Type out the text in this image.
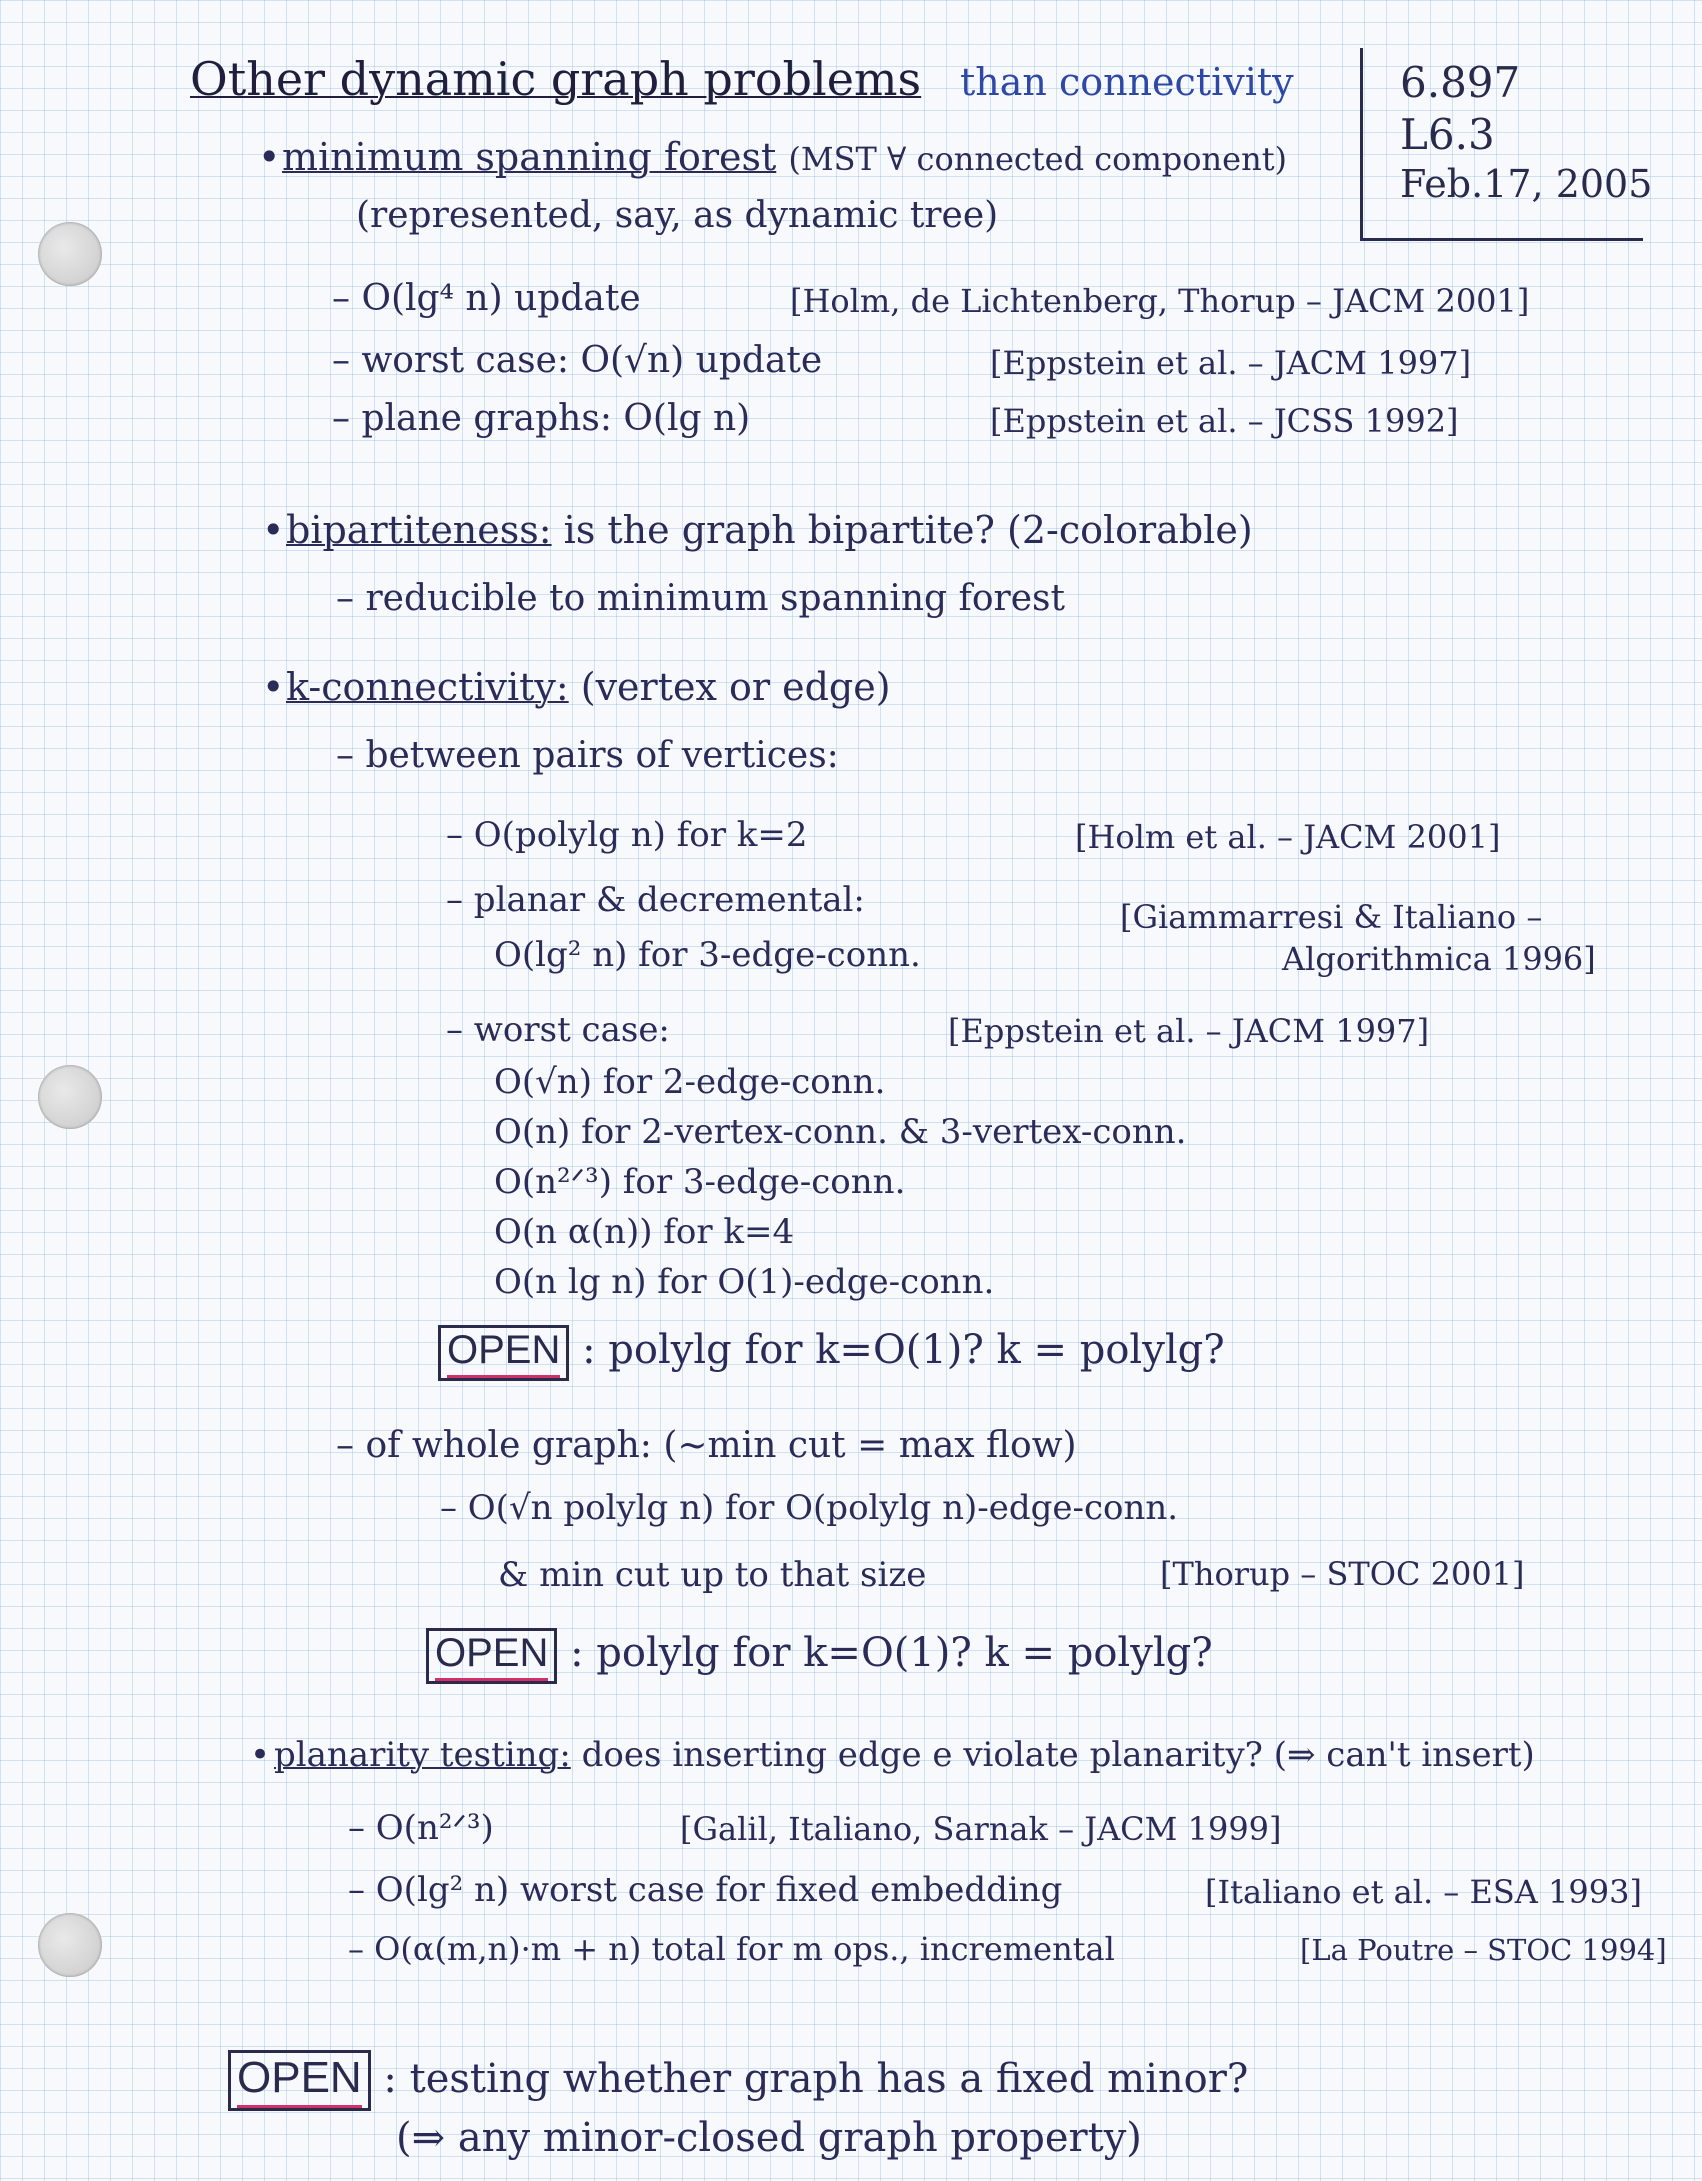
Other dynamic graph problems than connectivity	6.897
L6.3
Feb.17, 2005
•minimum spanning forest (MST ∀ connected component)
(represented, say, as dynamic tree)
– O(lg⁴ n) update	[Holm, de Lichtenberg, Thorup – JACM 2001]
– worst case: O(√n) update	[Eppstein et al. – JACM 1997]
– plane graphs: O(lg n)	[Eppstein et al. – JCSS 1992]
•bipartiteness: is the graph bipartite? (2-colorable)
– reducible to minimum spanning forest
•k-connectivity: (vertex or edge)
– between pairs of vertices:
– O(polylg n) for k=2	[Holm et al. – JACM 2001]
– planar & decremental:
O(lg² n) for 3-edge-conn.
[Giammarresi & Italiano –
Algorithmica 1996]
– worst case:	[Eppstein et al. – JACM 1997]
O(√n) for 2-edge-conn.
O(n) for 2-vertex-conn. & 3-vertex-conn.
O(n²ᐟ³) for 3-edge-conn.
O(n α(n)) for k=4
O(n lg n) for O(1)-edge-conn.
OPEN : polylg for k=O(1)? k = polylg?
– of whole graph: (~min cut = max flow)
– O(√n polylg n) for O(polylg n)-edge-conn.
& min cut up to that size	[Thorup – STOC 2001]
OPEN : polylg for k=O(1)? k = polylg?
• planarity testing: does inserting edge e violate planarity? (⇒ can't insert)
– O(n²ᐟ³)	[Galil, Italiano, Sarnak – JACM 1999]
– O(lg² n) worst case for fixed embedding	[Italiano et al. – ESA 1993]
– O(α(m,n)·m + n) total for m ops., incremental	[La Poutre – STOC 1994]
OPEN : testing whether graph has a fixed minor?
(⇒ any minor-closed graph property)
